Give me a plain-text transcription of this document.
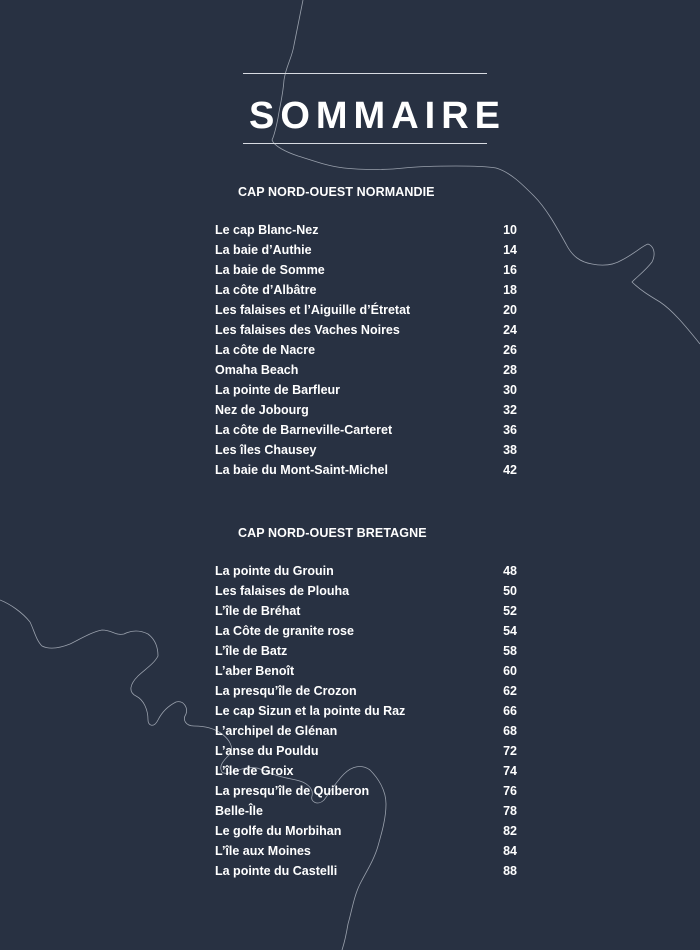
SOMMAIRE
CAP NORD-OUEST NORMANDIE
Le cap Blanc-Nez	10
La baie d’Authie	14
La baie de Somme	16
La côte d’Albâtre	18
Les falaises et l’Aiguille d’Étretat	20
Les falaises des Vaches Noires	24
La côte de Nacre	26
Omaha Beach	28
La pointe de Barfleur	30
Nez de Jobourg	32
La côte de Barneville-Carteret	36
Les îles Chausey	38
La baie du Mont-Saint-Michel	42
CAP NORD-OUEST BRETAGNE
La pointe du Grouin	48
Les falaises de Plouha	50
L’île de Bréhat	52
La Côte de granite rose	54
L’île de Batz	58
L’aber Benoît	60
La presqu’île de Crozon	62
Le cap Sizun et la pointe du Raz	66
L’archipel de Glénan	68
L’anse du Pouldu	72
L’île de Groix	74
La presqu’île de Quiberon	76
Belle-Île	78
Le golfe du Morbihan	82
L’île aux Moines	84
La pointe du Castelli	88
